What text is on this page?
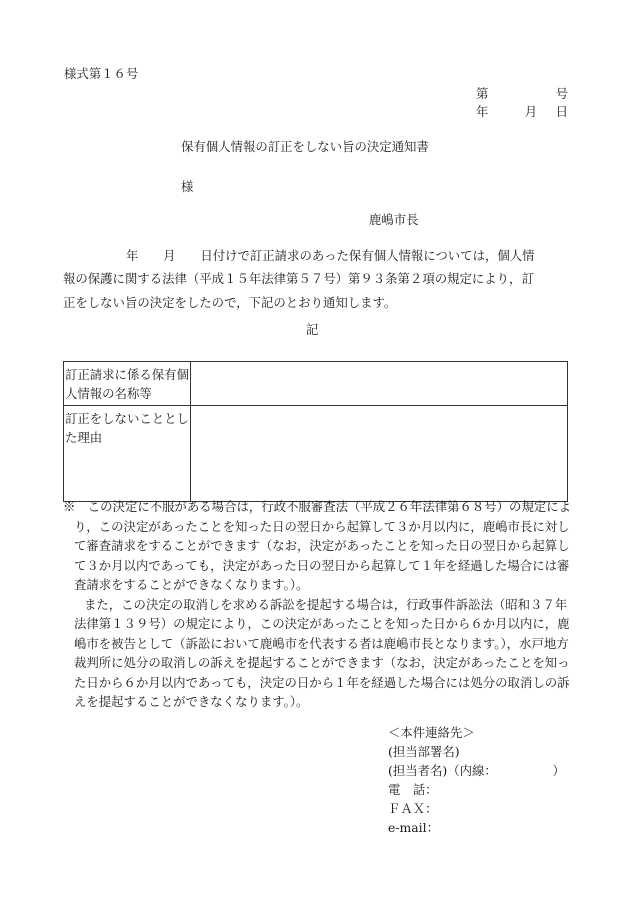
様式第１６号
第	号
年	月 日
保有個人情報の訂正をしない旨の決定通知書
様
鹿嶋市長

年　　月　　日付けで訂正請求のあった保有個人情報については，個人情

報の保護に関する法律（平成１５年法律第５７号）第９３条第２項の規定により，訂

正をしない旨の決定をしたので，下記のとおり通知します。

記
訂正請求に係る保有個人情報の名称等	
訂正をしないこととした理由	

※　この決定に不服がある場合は，行政不服審査法（平成２６年法律第６８号）の規定により，この決定があったことを知った日の翌日から起算して３か月以内に，鹿嶋市長に対して審査請求をすることができます（なお，決定があったことを知った日の翌日から起算して３か月以内であっても，決定があった日の翌日から起算して１年を経過した場合には審査請求をすることができなくなります。）。

また，この決定の取消しを求める訴訟を提起する場合は，行政事件訴訟法（昭和３７年法律第１３９号）の規定により，この決定があったことを知った日から６か月以内に，鹿嶋市を被告として（訴訟において鹿嶋市を代表する者は鹿嶋市長となります。），水戸地方裁判所に処分の取消しの訴えを提起することができます（なお，決定があったことを知った日から６か月以内であっても，決定の日から１年を経過した場合には処分の取消しの訴えを提起することができなくなります。）。

＜本件連絡先＞
(担当部署名)
(担当者名) （内線：　　　　　）
電　話：
ＦＡＸ：
e-mail：
